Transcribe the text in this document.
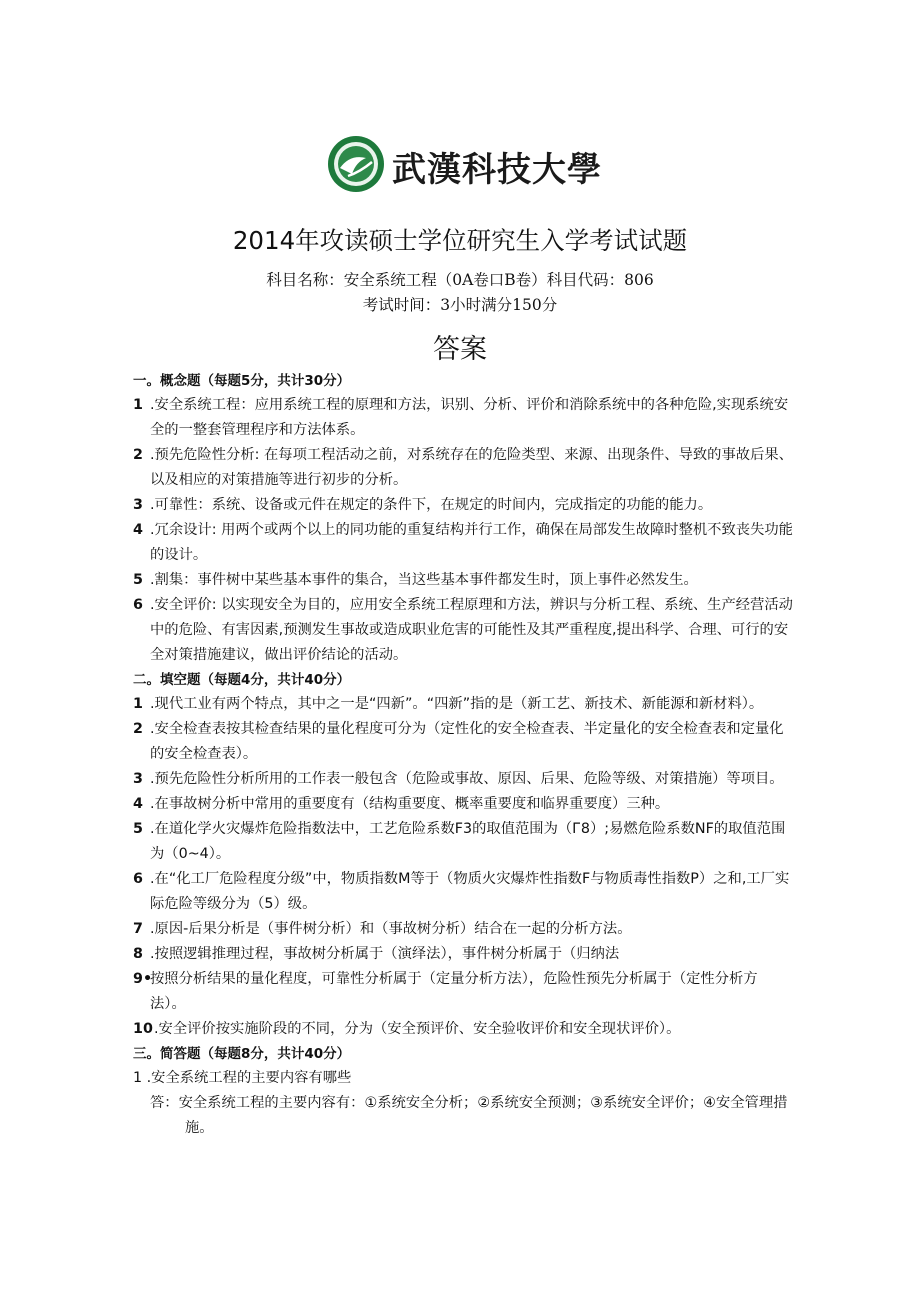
武漢科技大學
2014年攻读硕士学位研究生入学考试试题
科目名称：安全系统工程（0A卷口B卷）科目代码：806
考试时间：3小时满分150分
答案
一。概念题（每题5分，共计30分）
1 .安全系统工程：应用系统工程的原理和方法，识别、分析、评价和消除系统中的各种危险,实现系统安全的一整套管理程序和方法体系。
2 .预先危险性分析: 在每项工程活动之前，对系统存在的危险类型、来源、出现条件、导致的事故后果、以及相应的对策措施等进行初步的分析。
3 .可靠性：系统、设备或元件在规定的条件下，在规定的时间内，完成指定的功能的能力。
4 .冗余设计: 用两个或两个以上的同功能的重复结构并行工作，确保在局部发生故障时整机不致丧失功能的设计。
5 .割集：事件树中某些基本事件的集合，当这些基本事件都发生时，顶上事件必然发生。
6 .安全评价: 以实现安全为目的，应用安全系统工程原理和方法，辨识与分析工程、系统、生产经营活动中的危险、有害因素,预测发生事故或造成职业危害的可能性及其严重程度,提出科学、合理、可行的安全对策措施建议，做出评价结论的活动。
二。填空题（每题4分，共计40分）
1 .现代工业有两个特点，其中之一是“四新”。“四新”指的是（新工艺、新技术、新能源和新材料）。
2 .安全检查表按其检查结果的量化程度可分为（定性化的安全检查表、半定量化的安全检查表和定量化的安全检查表）。
3 .预先危险性分析所用的工作表一般包含（危险或事故、原因、后果、危险等级、对策措施）等项目。
4 .在事故树分析中常用的重要度有（结构重要度、概率重要度和临界重要度）三种。
5 .在道化学火灾爆炸危险指数法中，工艺危险系数F3的取值范围为（Г8）;易燃危险系数NF的取值范围为（0~4）。
6 .在“化工厂危险程度分级”中，物质指数M等于（物质火灾爆炸性指数F与物质毒性指数P）之和,工厂实际危险等级分为（5）级。
7 .原因-后果分析是（事件树分析）和（事故树分析）结合在一起的分析方法。
8 .按照逻辑推理过程，事故树分析属于（演绎法），事件树分析属于（归纳法
9•
按照分析结果的量化程度，可靠性分析属于（定量分析方法），危险性预先分析属于（定性分析方法）。
10 .安全评价按实施阶段的不同，分为（安全预评价、安全验收评价和安全现状评价）。
三。简答题（每题8分，共计40分）
1 .安全系统工程的主要内容有哪些
答：安全系统工程的主要内容有：①系统安全分析；②系统安全预测；③系统安全评价；④安全管理措施。
